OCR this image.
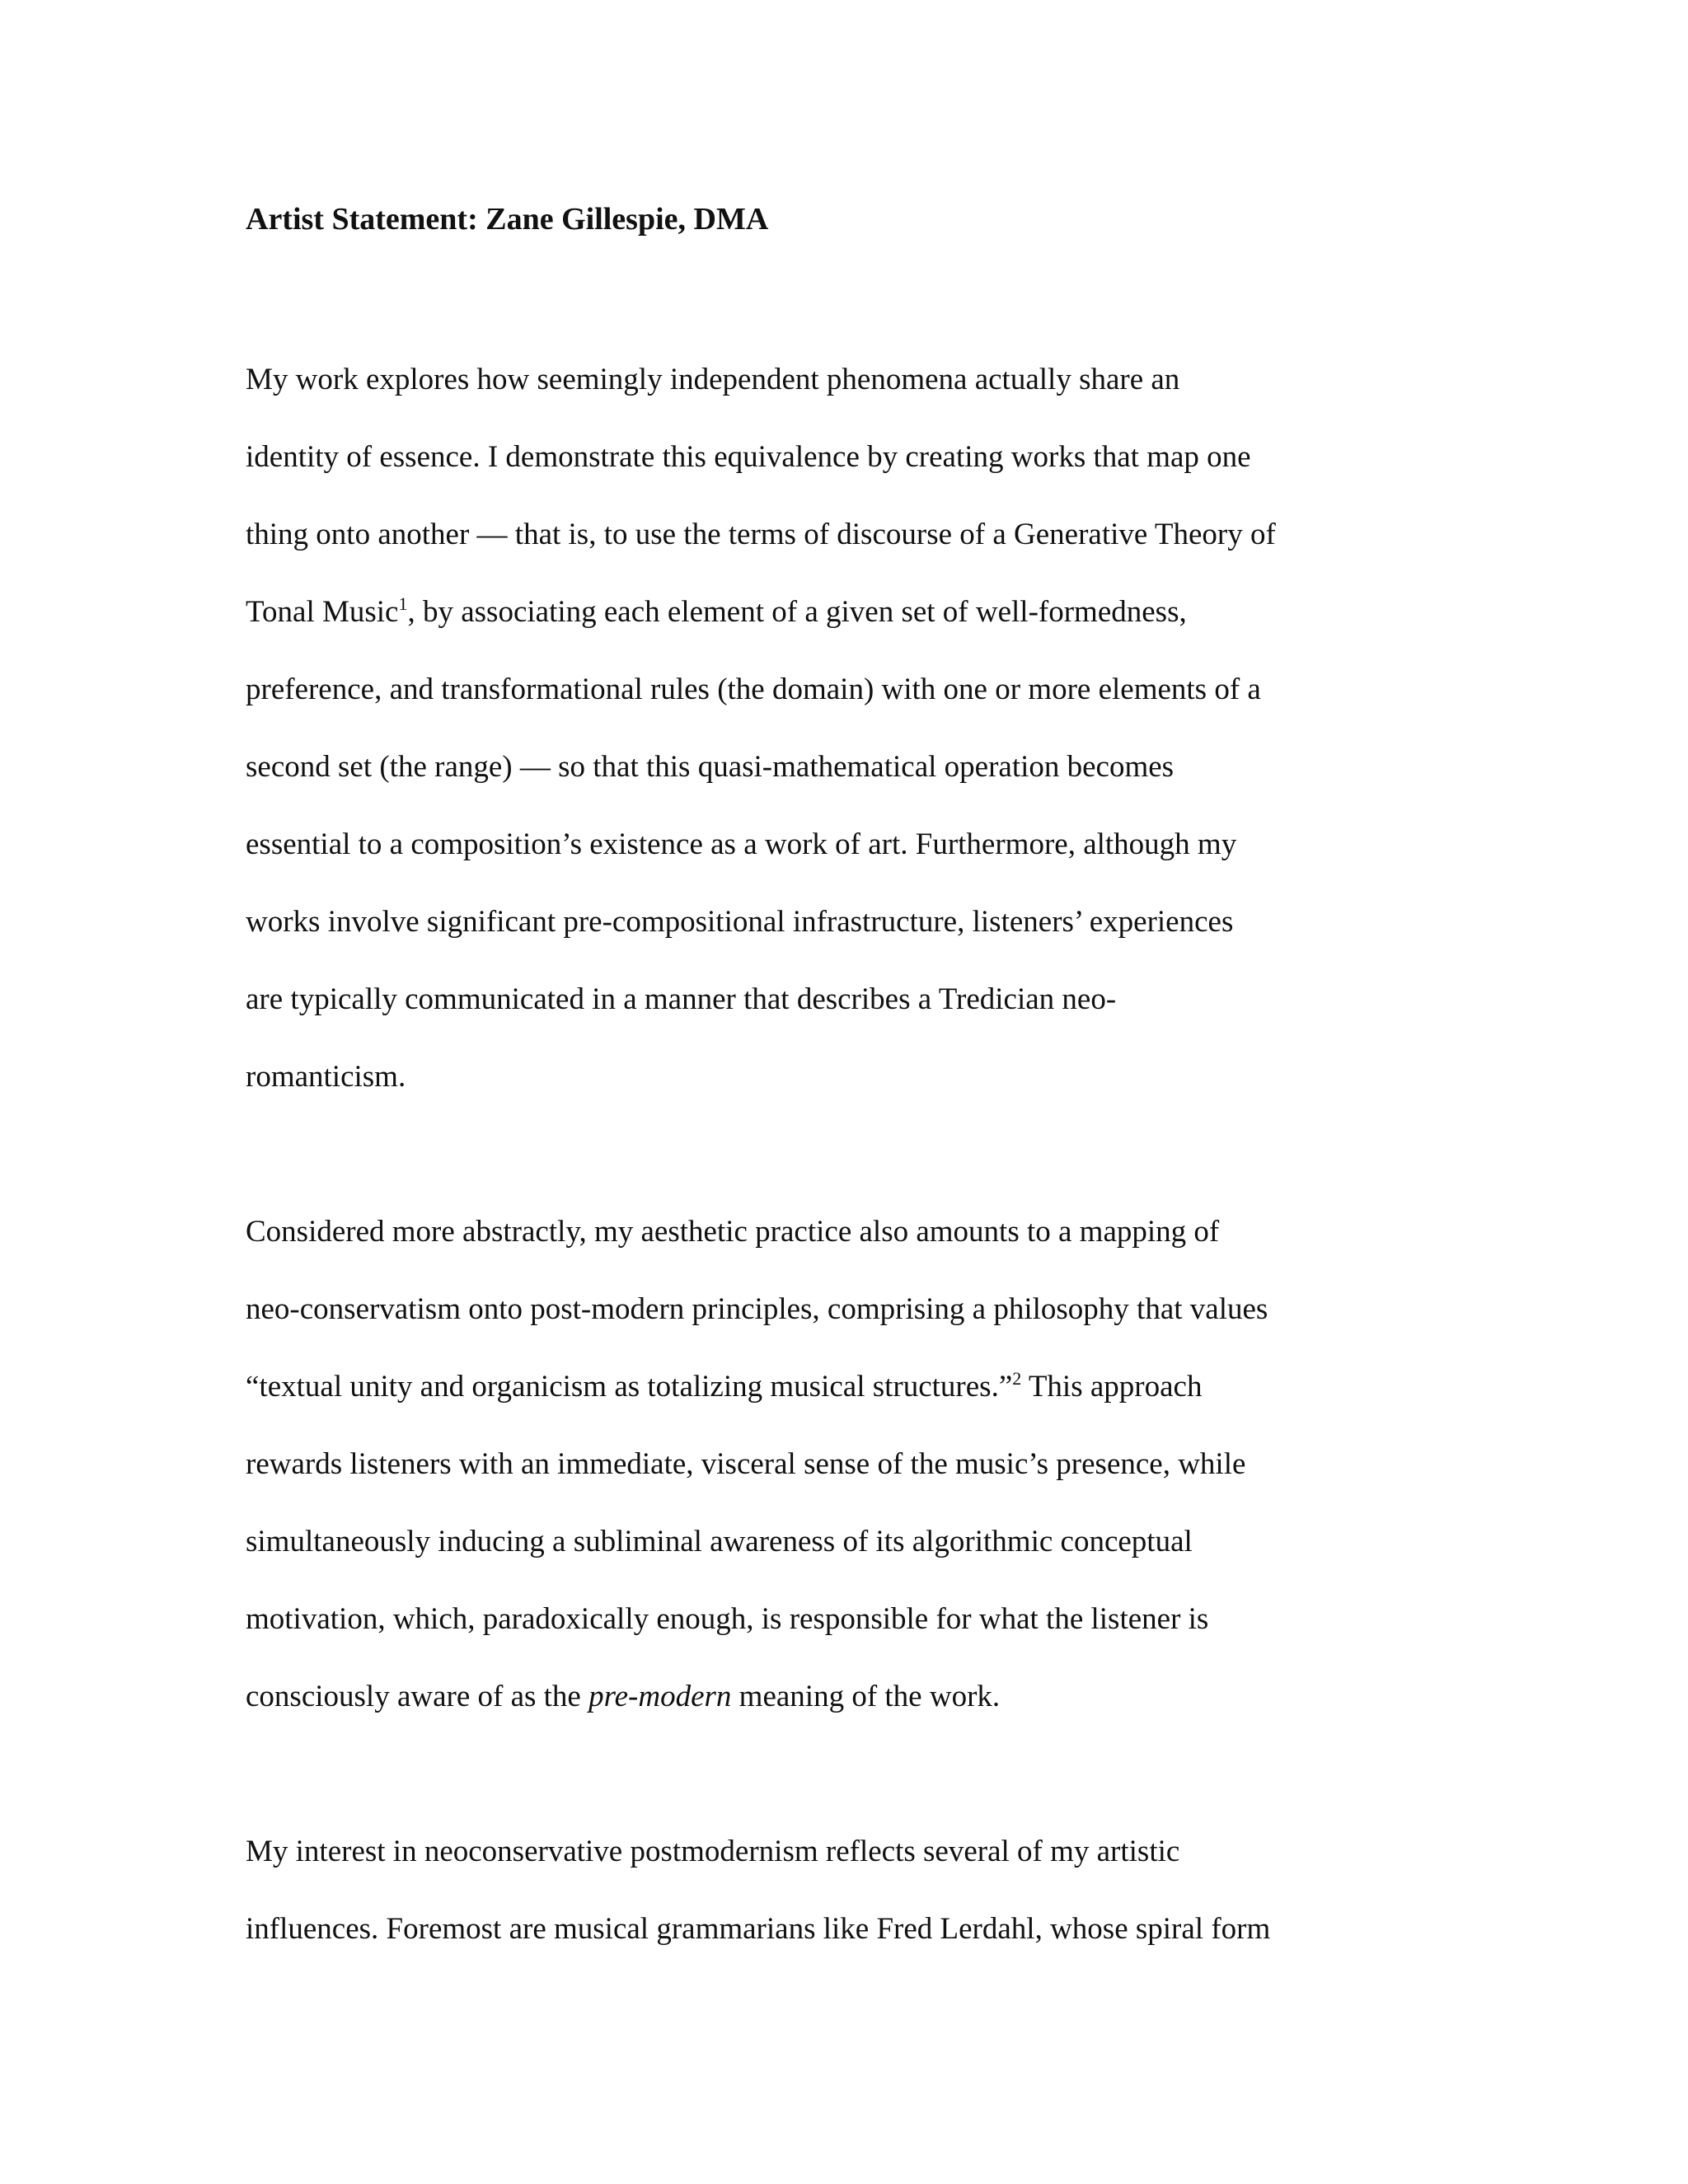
Artist Statement: Zane Gillespie, DMA
My work explores how seemingly independent phenomena actually share an
identity of essence. I demonstrate this equivalence by creating works that map one
thing onto another — that is, to use the terms of discourse of a Generative Theory of
Tonal Music$^1$, by associating each element of a given set of well-formedness,
preference, and transformational rules (the domain) with one or more elements of a
second set (the range) — so that this quasi-mathematical operation becomes
essential to a composition’s existence as a work of art. Furthermore, although my
works involve significant pre-compositional infrastructure, listeners’ experiences
are typically communicated in a manner that describes a Tredician neo-
romanticism.
Considered more abstractly, my aesthetic practice also amounts to a mapping of
neo-conservatism onto post-modern principles, comprising a philosophy that values
“textual unity and organicism as totalizing musical structures.”$^2$ This approach
rewards listeners with an immediate, visceral sense of the music’s presence, while
simultaneously inducing a subliminal awareness of its algorithmic conceptual
motivation, which, paradoxically enough, is responsible for what the listener is
consciously aware of as the pre-modern meaning of the work.
My interest in neoconservative postmodernism reflects several of my artistic
influences. Foremost are musical grammarians like Fred Lerdahl, whose spiral form
